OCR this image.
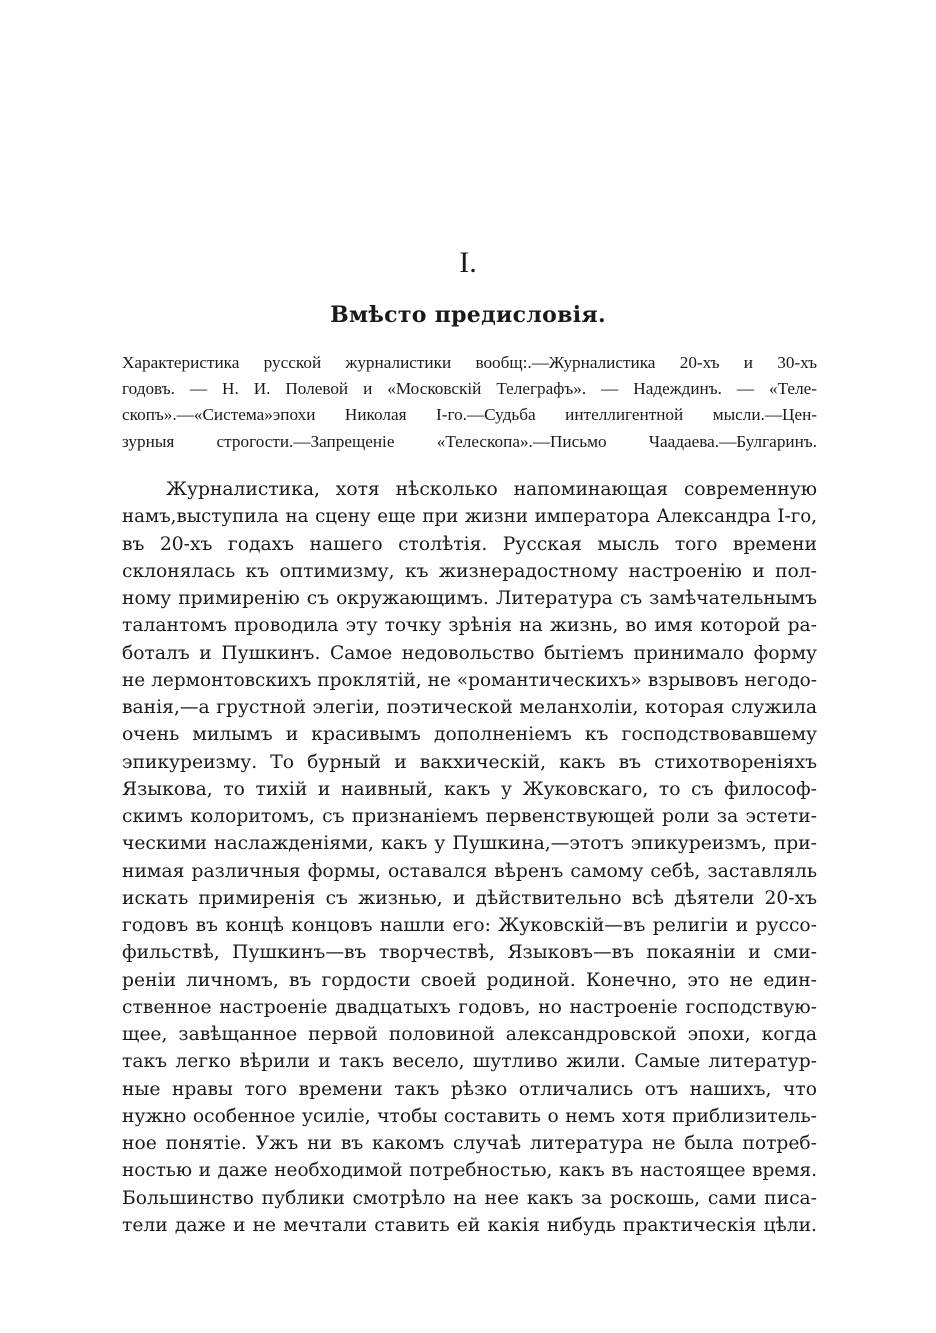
I.
Вмѣсто предисловія.
Характеристика русской журналистики вообщ:.—Журналистика 20-хъ и 30-хъ
годовъ. — Н. И. Полевой и «Московскій Телеграфъ». — Надеждинъ. — «Теле-
скопъ».—«Система»эпохи Николая I-го.—Судьба интеллигентной мысли.—Цен-
зурныя строгости.—Запрещеніе «Телескопа».—Письмо Чаадаева.—Булгаринъ.
Журналистика, хотя нѣсколько напоминающая современную
намъ,выступила на сцену еще при жизни императора Александра I-го,
въ 20-хъ годахъ нашего столѣтія. Русская мысль того времени
склонялась къ оптимизму, къ жизнерадостному настроенію и пол-
ному примиренію съ окружающимъ. Литература съ замѣчательнымъ
талантомъ проводила эту точку зрѣнія на жизнь, во имя которой ра-
боталъ и Пушкинъ. Самое недовольство бытіемъ принимало форму
не лермонтовскихъ проклятій, не «романтическихъ» взрывовъ негодо-
ванія,—а грустной элегіи, поэтической меланхоліи, которая служила
очень милымъ и красивымъ дополненіемъ къ господствовавшему
эпикуреизму. То бурный и вакхическій, какъ въ стихотвореніяхъ
Языкова, то тихій и наивный, какъ у Жуковскаго, то съ философ-
скимъ колоритомъ, съ признаніемъ первенствующей роли за эстети-
ческими наслажденіями, какъ у Пушкина,—этотъ эпикуреизмъ, при-
нимая различныя формы, оставался вѣренъ самому себѣ, заставляль
искать примиренія съ жизнью, и дѣйствительно всѣ дѣятели 20-хъ
годовъ въ концѣ концовъ нашли его: Жуковскій—въ религіи и руссо-
фильствѣ, Пушкинъ—въ творчествѣ, Языковъ—въ покаяніи и сми-
реніи личномъ, въ гордости своей родиной. Конечно, это не един-
ственное настроеніе двадцатыхъ годовъ, но настроеніе господствую-
щее, завѣщанное первой половиной александровской эпохи, когда
такъ легко вѣрили и такъ весело, шутливо жили. Самые литератур-
ные нравы того времени такъ рѣзко отличались отъ нашихъ, что
нужно особенное усиліе, чтобы составить о немъ хотя приблизитель-
ное понятіе. Ужъ ни въ какомъ случаѣ литература не была потреб-
ностью и даже необходимой потребностью, какъ въ настоящее время.
Большинство публики смотрѣло на нее какъ за роскошь, сами писа-
тели даже и не мечтали ставить ей какія нибудь практическія цѣли.
